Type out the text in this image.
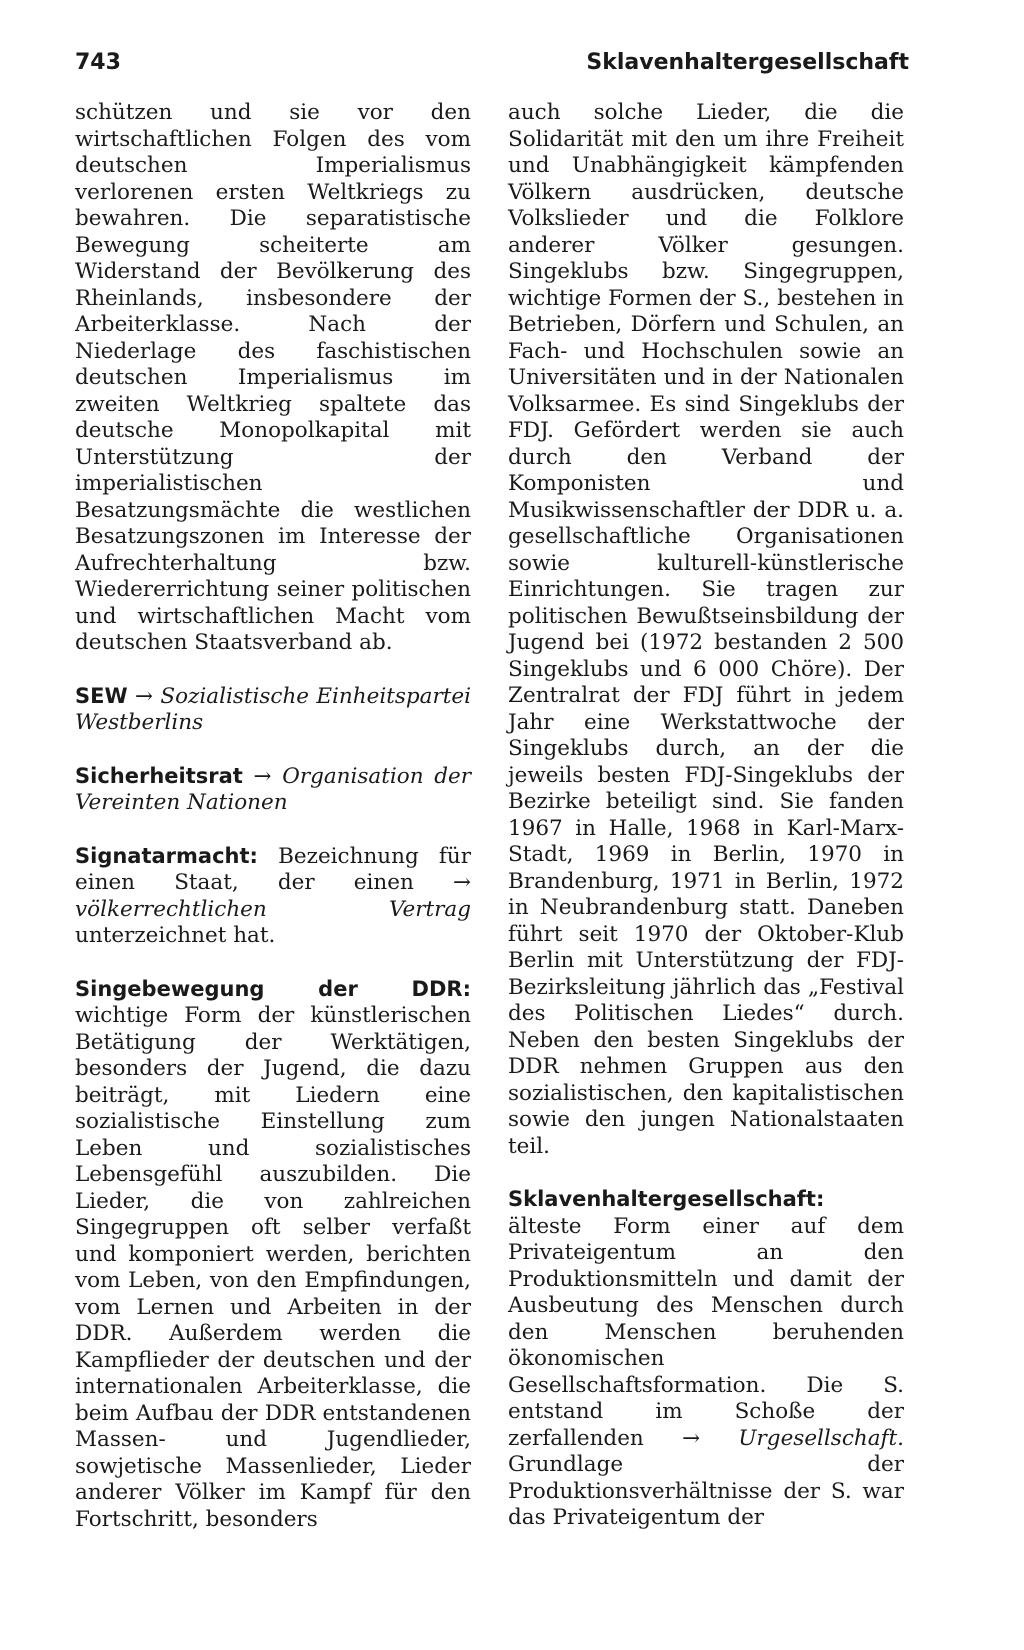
743	Sklavenhaltergesellschaft

schützen und sie vor den wirtschaftlichen Folgen des vom deutschen Imperialismus verlorenen ersten Weltkriegs zu bewahren. Die separatistische Bewegung scheiterte am Widerstand der Bevölkerung des Rheinlands, insbesondere der Arbeiterklasse. Nach der Niederlage des faschistischen deutschen Imperialismus im zweiten Weltkrieg spaltete das deutsche Monopolkapital mit Unterstützung der imperialistischen Besatzungsmächte die westlichen Besatzungszonen im Interesse der Aufrechterhaltung bzw. Wiedererrichtung seiner politischen und wirtschaftlichen Macht vom deutschen Staatsverband ab.

SEW → Sozialistische Einheitspartei Westberlins

Sicherheitsrat → Organisation der Vereinten Nationen

Signatarmacht: Bezeichnung für einen Staat, der einen → völkerrechtlichen Vertrag unterzeichnet hat.

Singebewegung der DDR: wichtige Form der künstlerischen Betätigung der Werktätigen, besonders der Jugend, die dazu beiträgt, mit Liedern eine sozialistische Einstellung zum Leben und sozialistisches Lebensgefühl auszubilden. Die Lieder, die von zahlreichen Singegruppen oft selber verfaßt und komponiert werden, berichten vom Leben, von den Empfindungen, vom Lernen und Arbeiten in der DDR. Außerdem werden die Kampflieder der deutschen und der internationalen Arbeiterklasse, die beim Aufbau der DDR entstandenen Massen- und Jugendlieder, sowjetische Massenlieder, Lieder anderer Völker im Kampf für den Fortschritt, besonders

auch solche Lieder, die die Solidarität mit den um ihre Freiheit und Unabhängigkeit kämpfenden Völkern ausdrücken, deutsche Volkslieder und die Folklore anderer Völker gesungen. Singeklubs bzw. Singegruppen, wichtige Formen der S., bestehen in Betrieben, Dörfern und Schulen, an Fach- und Hochschulen sowie an Universitäten und in der Nationalen Volksarmee. Es sind Singeklubs der FDJ. Gefördert werden sie auch durch den Verband der Komponisten und Musikwissenschaftler der DDR u. a. gesellschaftliche Organisationen sowie kulturell-künstlerische Einrichtungen. Sie tragen zur politischen Bewußtseinsbildung der Jugend bei (1972 bestanden 2 500 Singeklubs und 6 000 Chöre). Der Zentralrat der FDJ führt in jedem Jahr eine Werkstattwoche der Singeklubs durch, an der die jeweils besten FDJ-Singeklubs der Bezirke beteiligt sind. Sie fanden 1967 in Halle, 1968 in Karl-Marx-Stadt, 1969 in Berlin, 1970 in Brandenburg, 1971 in Berlin, 1972 in Neubrandenburg statt. Daneben führt seit 1970 der Oktober-Klub Berlin mit Unterstützung der FDJ-Bezirksleitung jährlich das „Festival des Politischen Liedes“ durch. Neben den besten Singeklubs der DDR nehmen Gruppen aus den sozialistischen, den kapitalistischen sowie den jungen Nationalstaaten teil.

Sklavenhaltergesellschaft: älteste Form einer auf dem Privateigentum an den Produktionsmitteln und damit der Ausbeutung des Menschen durch den Menschen beruhenden ökonomischen Gesellschaftsformation. Die S. entstand im Schoße der zerfallenden → Urgesellschaft. Grundlage der Produktionsverhältnisse der S. war das Privateigentum der
